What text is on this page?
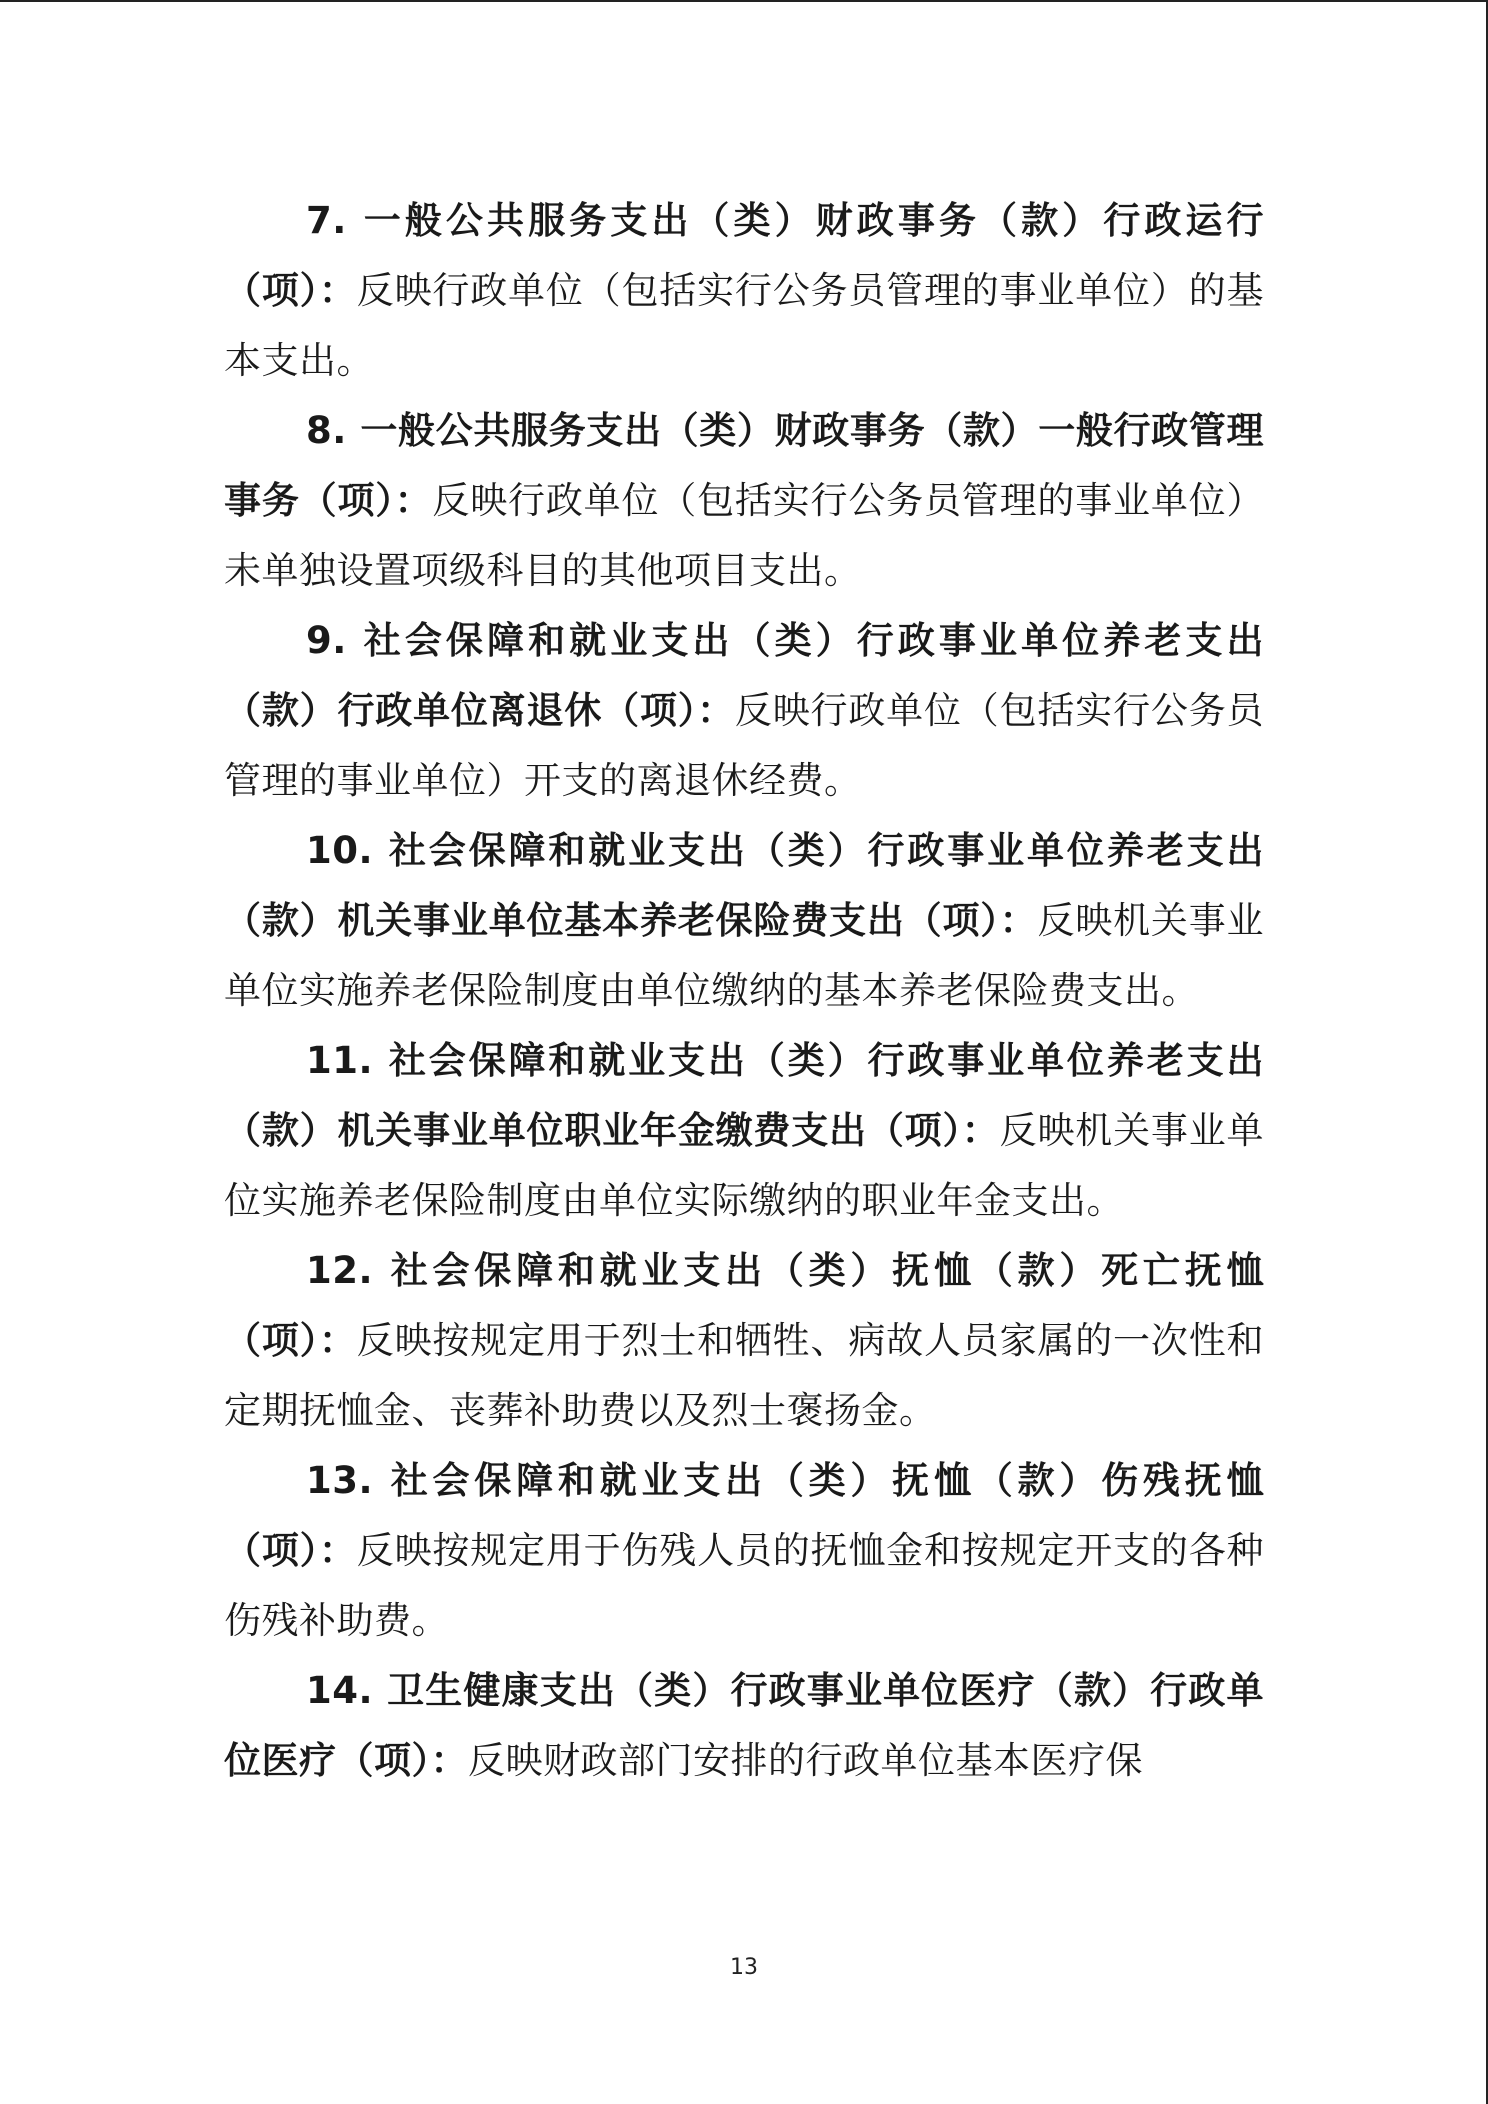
7. 一般公共服务支出（类）财政事务（款）行政运行（项）：反映行政单位（包括实行公务员管理的事业单位）的基本支出。

8. 一般公共服务支出（类）财政事务（款）一般行政管理事务（项）：反映行政单位（包括实行公务员管理的事业单位）未单独设置项级科目的其他项目支出。

9. 社会保障和就业支出（类）行政事业单位养老支出（款）行政单位离退休（项）：反映行政单位（包括实行公务员管理的事业单位）开支的离退休经费。

10. 社会保障和就业支出（类）行政事业单位养老支出（款）机关事业单位基本养老保险费支出（项）：反映机关事业单位实施养老保险制度由单位缴纳的基本养老保险费支出。

11. 社会保障和就业支出（类）行政事业单位养老支出（款）机关事业单位职业年金缴费支出（项）：反映机关事业单位实施养老保险制度由单位实际缴纳的职业年金支出。

12. 社会保障和就业支出（类）抚恤（款）死亡抚恤（项）：反映按规定用于烈士和牺牲、病故人员家属的一次性和定期抚恤金、丧葬补助费以及烈士褒扬金。

13. 社会保障和就业支出（类）抚恤（款）伤残抚恤（项）：反映按规定用于伤残人员的抚恤金和按规定开支的各种伤残补助费。

14. 卫生健康支出（类）行政事业单位医疗（款）行政单位医疗（项）：反映财政部门安排的行政单位基本医疗保

13
